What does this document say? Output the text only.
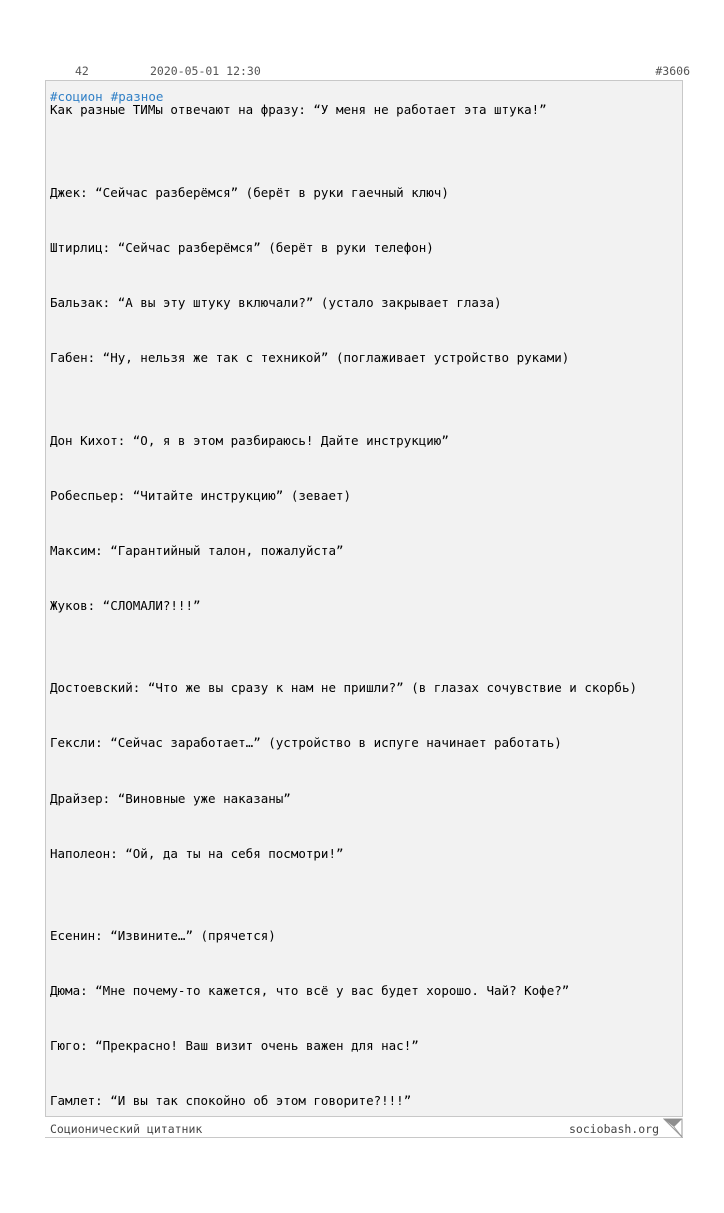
42	2020-05-01 12:30	#3606
#социон #разное
Как разные ТИМы отвечают на фразу: “У меня не работает эта штука!”
Джек: “Сейчас разберёмся” (берёт в руки гаечный ключ)
Штирлиц: “Сейчас разберёмся” (берёт в руки телефон)
Бальзак: “А вы эту штуку включали?” (устало закрывает глаза)
Габен: “Ну, нельзя же так с техникой” (поглаживает устройство руками)
Дон Кихот: “О, я в этом разбираюсь! Дайте инструкцию”
Робеспьер: “Читайте инструкцию” (зевает)
Максим: “Гарантийный талон, пожалуйста”
Жуков: “СЛОМАЛИ?!!!”
Достоевский: “Что же вы сразу к нам не пришли?” (в глазах сочувствие и скорбь)
Гексли: “Сейчас заработает…” (устройство в испуге начинает работать)
Драйзер: “Виновные уже наказаны”
Наполеон: “Ой, да ты на себя посмотри!”
Есенин: “Извините…” (прячется)
Дюма: “Мне почему-то кажется, что всё у вас будет хорошо. Чай? Кофе?”
Гюго: “Прекрасно! Ваш визит очень важен для нас!”
Гамлет: “И вы так спокойно об этом говорите?!!!”
Соционический цитатник	sociobash.org
